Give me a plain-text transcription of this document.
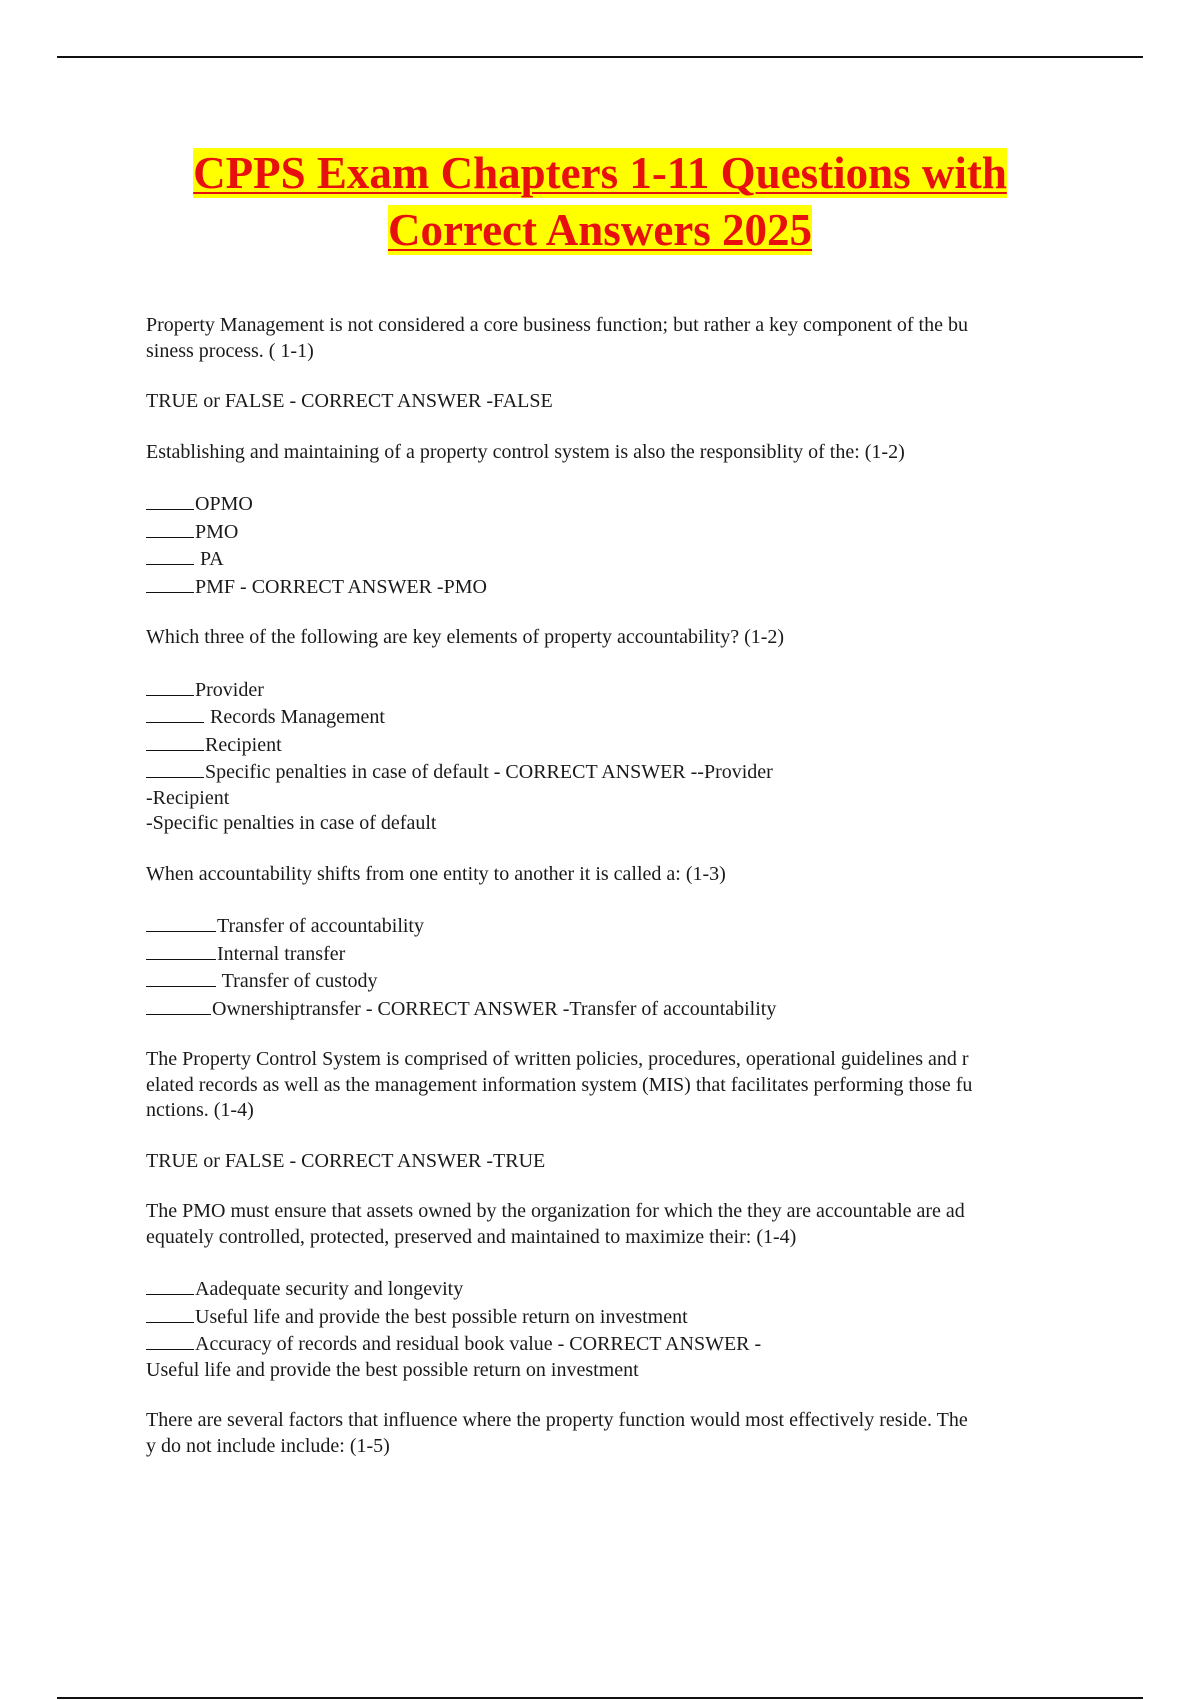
CPPS Exam Chapters 1-11 Questions with
Correct Answers 2025

Property Management is not considered a core business function; but rather a key component of the bu
siness process. ( 1-1)

TRUE or FALSE - CORRECT ANSWER -FALSE

Establishing and maintaining of a property control system is also the responsiblity of the: (1-2)

OPMO
PMO
PA
PMF - CORRECT ANSWER -PMO

Which three of the following are key elements of property accountability? (1-2)

Provider
Records Management
Recipient
Specific penalties in case of default - CORRECT ANSWER --Provider
-Recipient
-Specific penalties in case of default

When accountability shifts from one entity to another it is called a: (1-3)

Transfer of accountability
Internal transfer
Transfer of custody
Ownershiptransfer - CORRECT ANSWER -Transfer of accountability

The Property Control System is comprised of written policies, procedures, operational guidelines and r
elated records as well as the management information system (MIS) that facilitates performing those fu
nctions. (1-4)

TRUE or FALSE - CORRECT ANSWER -TRUE

The PMO must ensure that assets owned by the organization for which the they are accountable are ad
equately controlled, protected, preserved and maintained to maximize their: (1-4)

Aadequate security and longevity
Useful life and provide the best possible return on investment
Accuracy of records and residual book value - CORRECT ANSWER -
Useful life and provide the best possible return on investment

There are several factors that influence where the property function would most effectively reside. The
y do not include include: (1-5)
